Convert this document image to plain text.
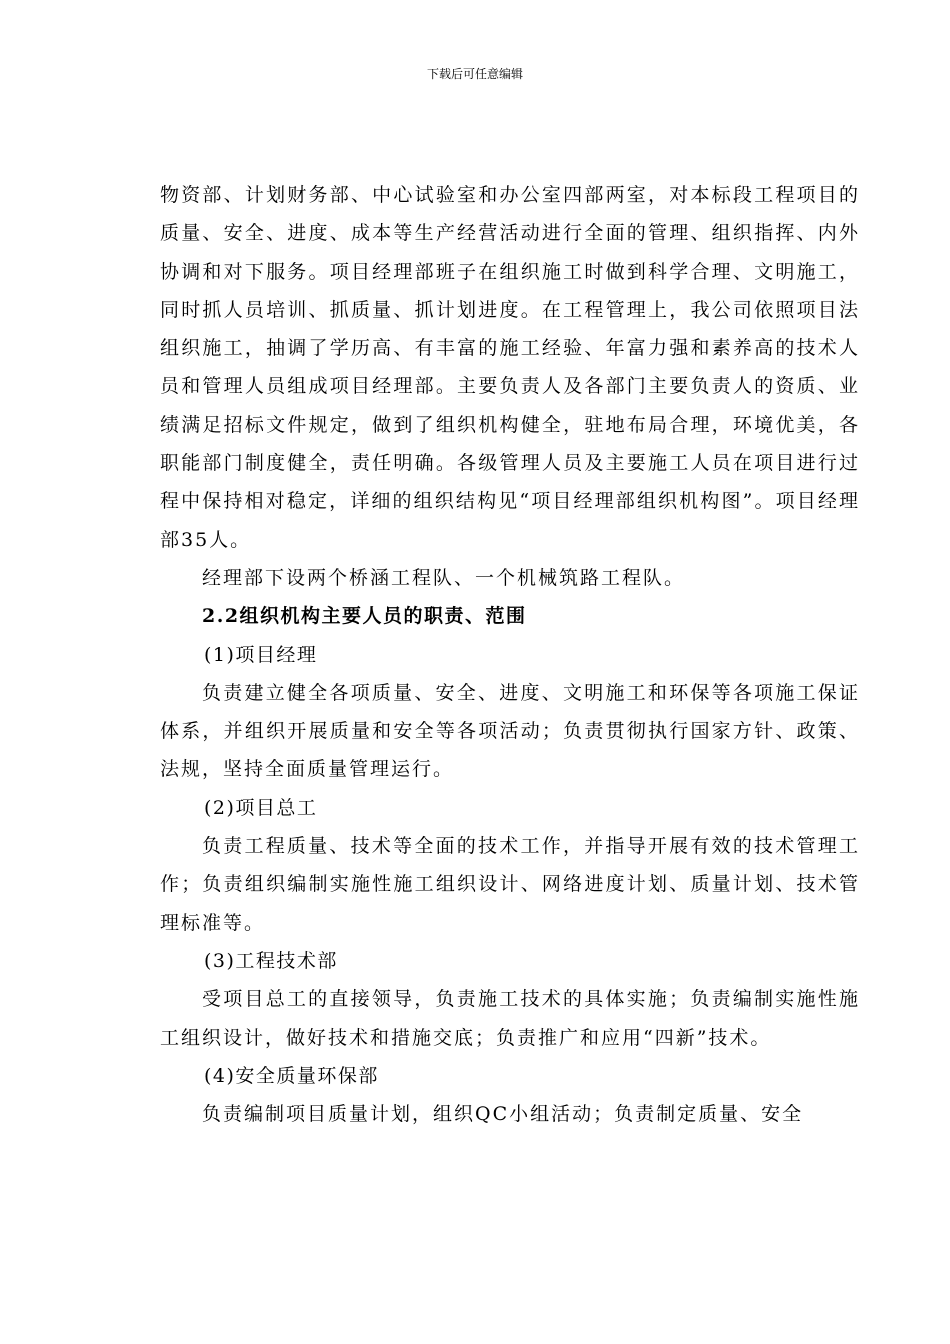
下载后可任意编辑

物资部、计划财务部、中心试验室和办公室四部两室，对本标段工程项目的质量、安全、进度、成本等生产经营活动进行全面的管理、组织指挥、内外协调和对下服务。项目经理部班子在组织施工时做到科学合理、文明施工，同时抓人员培训、抓质量、抓计划进度。在工程管理上，我公司依照项目法组织施工，抽调了学历高、有丰富的施工经验、年富力强和素养高的技术人员和管理人员组成项目经理部。主要负责人及各部门主要负责人的资质、业绩满足招标文件规定，做到了组织机构健全，驻地布局合理，环境优美，各职能部门制度健全，责任明确。各级管理人员及主要施工人员在项目进行过程中保持相对稳定，详细的组织结构见“项目经理部组织机构图”。项目经理部35人。

经理部下设两个桥涵工程队、一个机械筑路工程队。

2.2组织机构主要人员的职责、范围

(1)项目经理

负责建立健全各项质量、安全、进度、文明施工和环保等各项施工保证体系，并组织开展质量和安全等各项活动；负责贯彻执行国家方针、政策、法规，坚持全面质量管理运行。

(2)项目总工

负责工程质量、技术等全面的技术工作，并指导开展有效的技术管理工作；负责组织编制实施性施工组织设计、网络进度计划、质量计划、技术管理标准等。

(3)工程技术部

受项目总工的直接领导，负责施工技术的具体实施；负责编制实施性施工组织设计，做好技术和措施交底；负责推广和应用“四新”技术。

(4)安全质量环保部

负责编制项目质量计划，组织QC小组活动；负责制定质量、安全
